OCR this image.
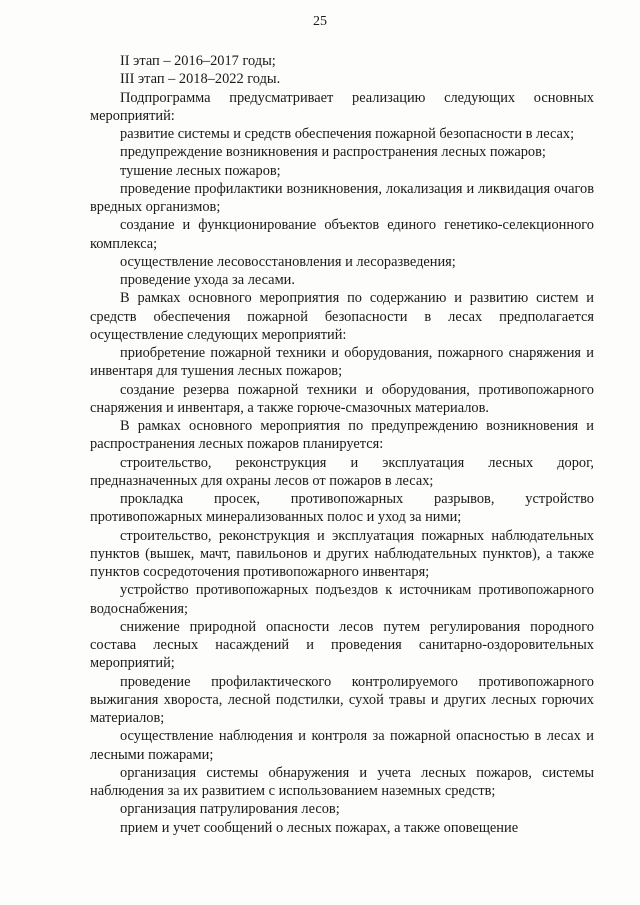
25

II этап – 2016–2017 годы;

III этап – 2018–2022 годы.

Подпрограмма предусматривает реализацию следующих основных мероприятий:

развитие системы и средств обеспечения пожарной безопасности в лесах;

предупреждение возникновения и распространения лесных пожаров;

тушение лесных пожаров;

проведение профилактики возникновения, локализация и ликвидация очагов вредных организмов;

создание и функционирование объектов единого генетико-селекционного комплекса;

осуществление лесовосстановления и лесоразведения;

проведение ухода за лесами.

В рамках основного мероприятия по содержанию и развитию систем и средств обеспечения пожарной безопасности в лесах предполагается осуществление следующих мероприятий:

приобретение пожарной техники и оборудования, пожарного снаряжения и инвентаря для тушения лесных пожаров;

создание резерва пожарной техники и оборудования, противопожарного снаряжения и инвентаря, а также горюче-смазочных материалов.

В рамках основного мероприятия по предупреждению возникновения и распространения лесных пожаров планируется:

строительство, реконструкция и эксплуатация лесных дорог, предназначенных для охраны лесов от пожаров в лесах;

прокладка просек, противопожарных разрывов, устройство противопожарных минерализованных полос и уход за ними;

строительство, реконструкция и эксплуатация пожарных наблюдательных пунктов (вышек, мачт, павильонов и других наблюдательных пунктов), а также пунктов сосредоточения противопожарного инвентаря;

устройство противопожарных подъездов к источникам противопожарного водоснабжения;

снижение природной опасности лесов путем регулирования породного состава лесных насаждений и проведения санитарно-оздоровительных мероприятий;

проведение профилактического контролируемого противопожарного выжигания хвороста, лесной подстилки, сухой травы и других лесных горючих материалов;

осуществление наблюдения и контроля за пожарной опасностью в лесах и лесными пожарами;

организация системы обнаружения и учета лесных пожаров, системы наблюдения за их развитием с использованием наземных средств;

организация патрулирования лесов;

прием и учет сообщений о лесных пожарах, а также оповещение
